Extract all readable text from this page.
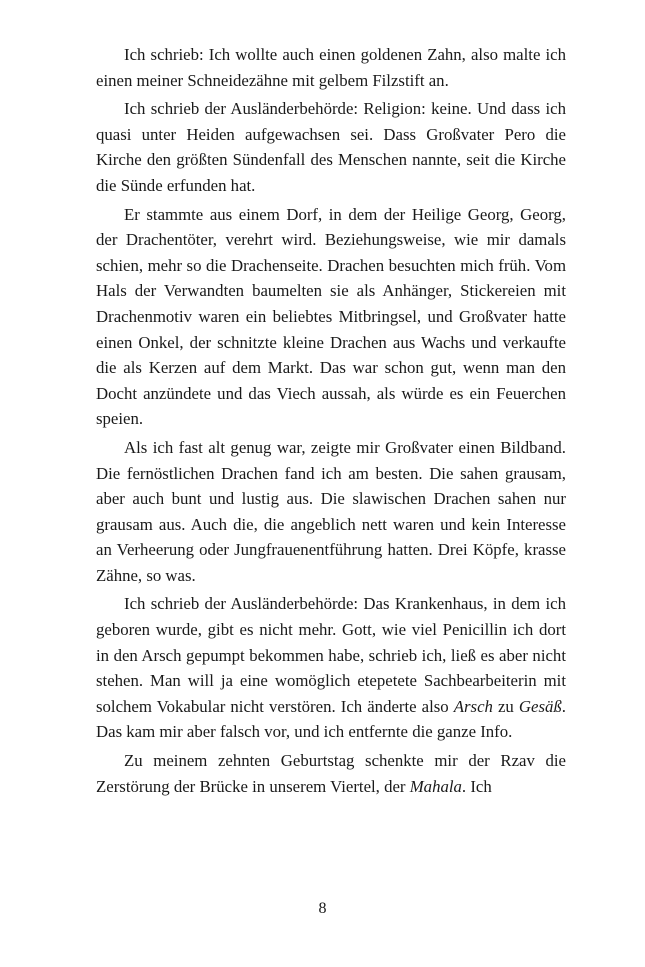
Ich schrieb: Ich wollte auch einen goldenen Zahn, also malte ich einen meiner Schneidezähne mit gelbem Filzstift an.

Ich schrieb der Ausländerbehörde: Religion: keine. Und dass ich quasi unter Heiden aufgewachsen sei. Dass Großvater Pero die Kirche den größten Sündenfall des Menschen nannte, seit die Kirche die Sünde erfunden hat.

Er stammte aus einem Dorf, in dem der Heilige Georg, Georg, der Drachentöter, verehrt wird. Beziehungsweise, wie mir damals schien, mehr so die Drachenseite. Drachen besuchten mich früh. Vom Hals der Verwandten baumelten sie als Anhänger, Stickereien mit Drachenmotiv waren ein beliebtes Mitbringsel, und Großvater hatte einen Onkel, der schnitzte kleine Drachen aus Wachs und verkaufte die als Kerzen auf dem Markt. Das war schon gut, wenn man den Docht anzündete und das Viech aussah, als würde es ein Feuerchen speien.

Als ich fast alt genug war, zeigte mir Großvater einen Bildband. Die fernöstlichen Drachen fand ich am besten. Die sahen grausam, aber auch bunt und lustig aus. Die slawischen Drachen sahen nur grausam aus. Auch die, die angeblich nett waren und kein Interesse an Verheerung oder Jungfrauenentführung hatten. Drei Köpfe, krasse Zähne, so was.

Ich schrieb der Ausländerbehörde: Das Krankenhaus, in dem ich geboren wurde, gibt es nicht mehr. Gott, wie viel Penicillin ich dort in den Arsch gepumpt bekommen habe, schrieb ich, ließ es aber nicht stehen. Man will ja eine womöglich etepetete Sachbearbeiterin mit solchem Vokabular nicht verstören. Ich änderte also Arsch zu Gesäß. Das kam mir aber falsch vor, und ich entfernte die ganze Info.

Zu meinem zehnten Geburtstag schenkte mir der Rzav die Zerstörung der Brücke in unserem Viertel, der Mahala. Ich

8
